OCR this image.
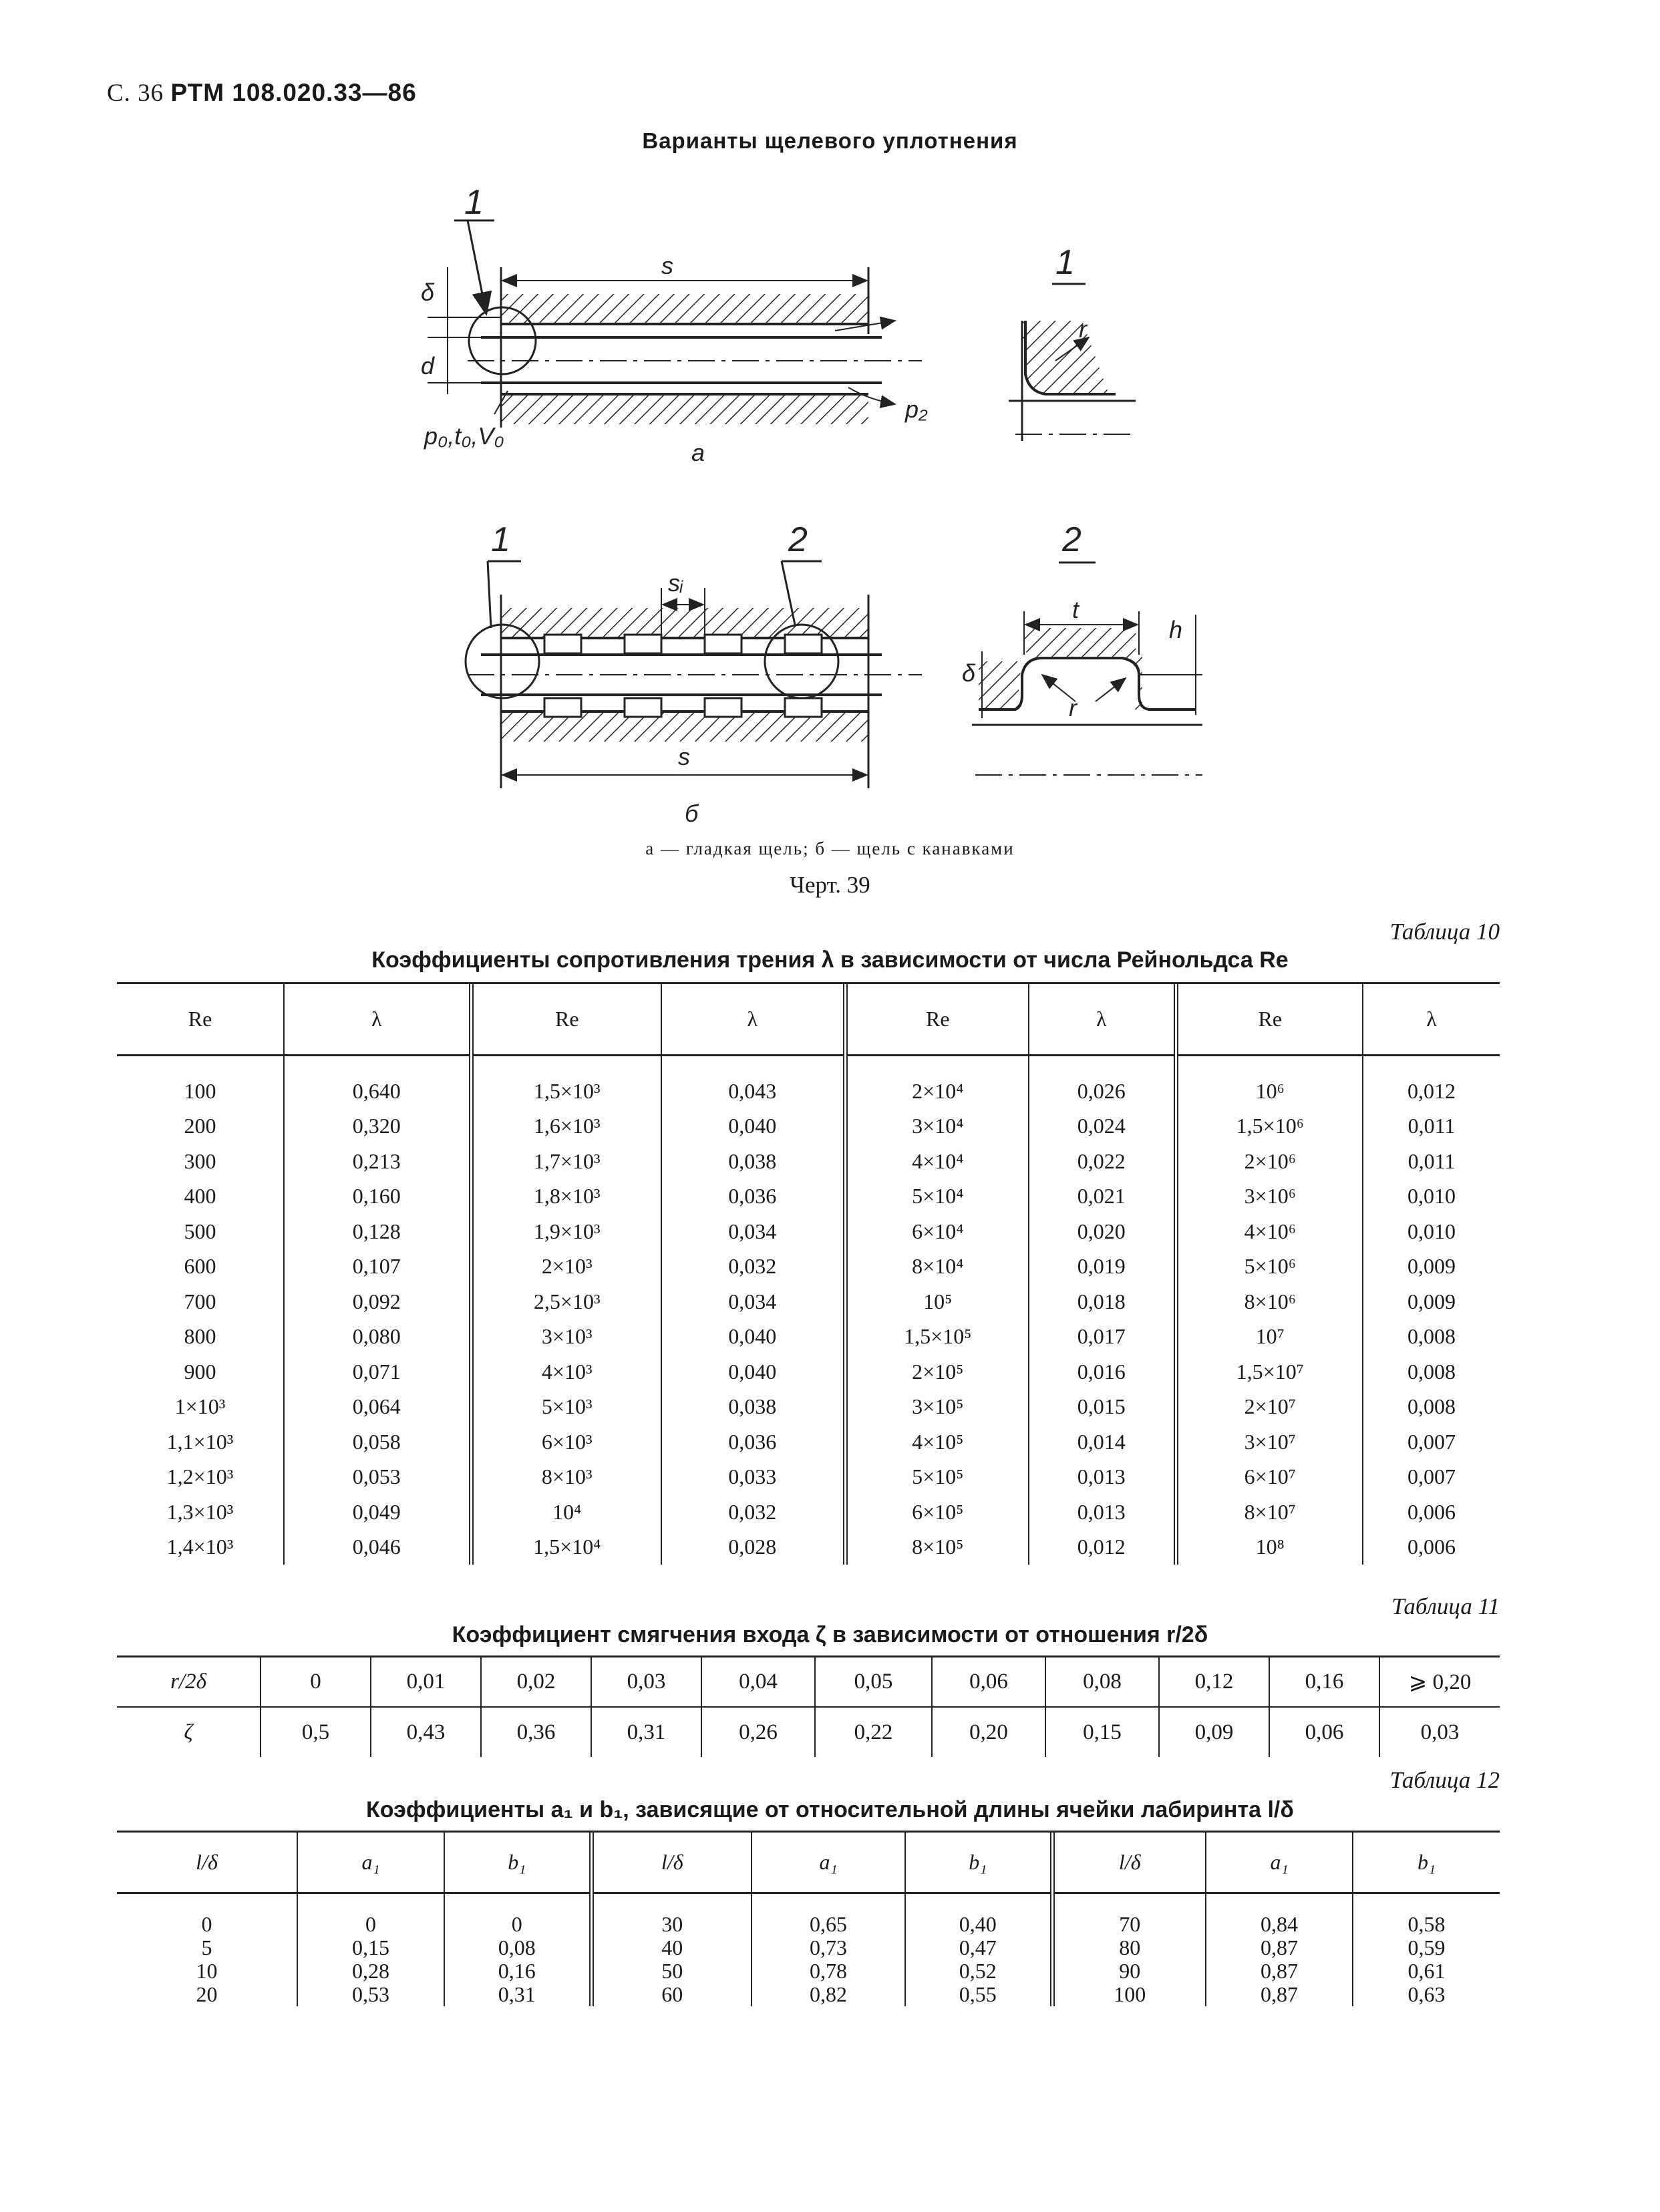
С. 36 РТМ 108.020.33—86
Варианты щелевого уплотнения
1
s
δ
d
p₀,t₀,V₀
p₂
а
1
r
1	2
sᵢ
s
б
2
t
h
δ
r
а — гладкая щель; б — щель с канавками
Черт. 39
Таблица 10
Коэффициенты сопротивления трения λ в зависимости от числа Рейнольдса Re
Re	λ	Re	λ	Re	λ	Re	λ
100	0,640	1,5×10³	0,043	2×10⁴	0,026	10⁶	0,012
200	0,320	1,6×10³	0,040	3×10⁴	0,024	1,5×10⁶	0,011
300	0,213	1,7×10³	0,038	4×10⁴	0,022	2×10⁶	0,011
400	0,160	1,8×10³	0,036	5×10⁴	0,021	3×10⁶	0,010
500	0,128	1,9×10³	0,034	6×10⁴	0,020	4×10⁶	0,010
600	0,107	2×10³	0,032	8×10⁴	0,019	5×10⁶	0,009
700	0,092	2,5×10³	0,034	10⁵	0,018	8×10⁶	0,009
800	0,080	3×10³	0,040	1,5×10⁵	0,017	10⁷	0,008
900	0,071	4×10³	0,040	2×10⁵	0,016	1,5×10⁷	0,008
1×10³	0,064	5×10³	0,038	3×10⁵	0,015	2×10⁷	0,008
1,1×10³	0,058	6×10³	0,036	4×10⁵	0,014	3×10⁷	0,007
1,2×10³	0,053	8×10³	0,033	5×10⁵	0,013	6×10⁷	0,007
1,3×10³	0,049	10⁴	0,032	6×10⁵	0,013	8×10⁷	0,006
1,4×10³	0,046	1,5×10⁴	0,028	8×10⁵	0,012	10⁸	0,006
Таблица 11
Коэффициент смягчения входа ζ в зависимости от отношения r/2δ
r/2δ	0	0,01	0,02	0,03	0,04	0,05	0,06	0,08	0,12	0,16	⩾ 0,20
ζ	0,5	0,43	0,36	0,31	0,26	0,22	0,20	0,15	0,09	0,06	0,03
Таблица 12
Коэффициенты a₁ и b₁, зависящие от относительной длины ячейки лабиринта l/δ
l/δ	a₁	b₁	l/δ	a₁	b₁	l/δ	a₁	b₁
0	0	0	30	0,65	0,40	70	0,84	0,58
5	0,15	0,08	40	0,73	0,47	80	0,87	0,59
10	0,28	0,16	50	0,78	0,52	90	0,87	0,61
20	0,53	0,31	60	0,82	0,55	100	0,87	0,63
